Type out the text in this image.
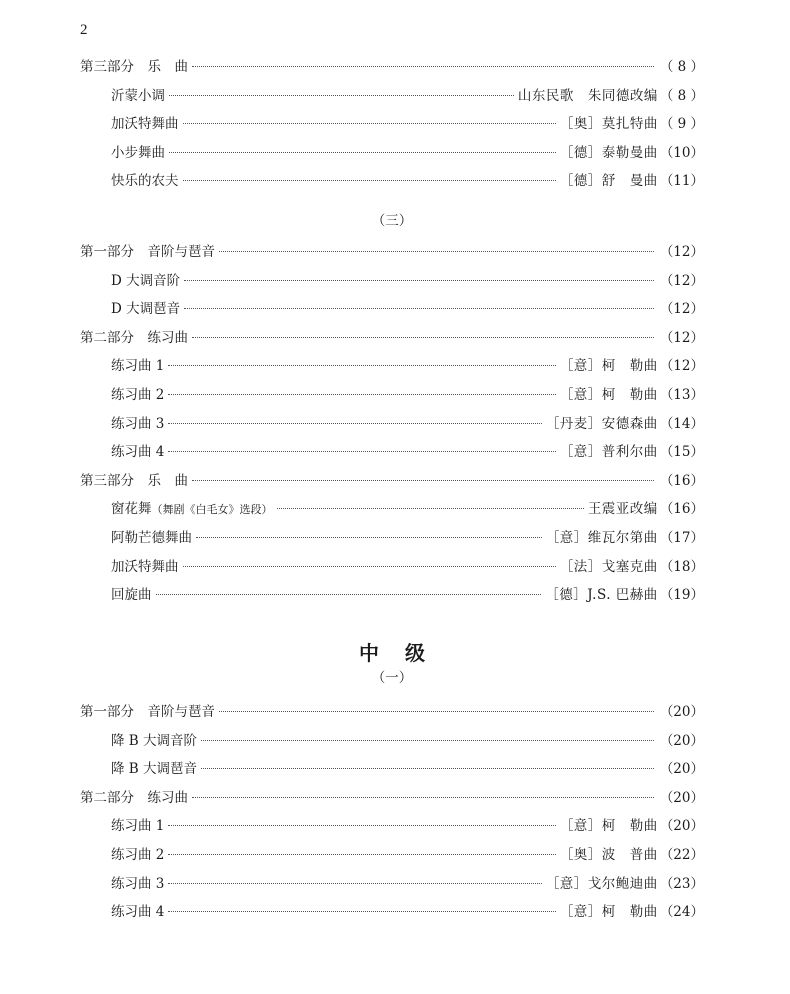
2
（三）
中级
（一）
第三部分　乐　曲	（ 8 ）
沂蒙小调	山东民歌　朱同德改编 （ 8 ）
加沃特舞曲	［奥］莫扎特曲 （ 9 ）
小步舞曲	［德］泰勒曼曲 （10）
快乐的农夫	［德］舒　曼曲 （11）
第一部分　音阶与琶音	（12）
D 大调音阶	（12）
D 大调琶音	（12）
第二部分　练习曲	（12）
练习曲 1	［意］柯　勒曲 （12）
练习曲 2	［意］柯　勒曲 （13）
练习曲 3	［丹麦］安德森曲 （14）
练习曲 4	［意］普利尔曲 （15）
第三部分　乐　曲	（16）
窗花舞（舞剧《白毛女》选段）	王震亚改编 （16）
阿勒芒德舞曲	［意］维瓦尔第曲 （17）
加沃特舞曲	［法］戈塞克曲 （18）
回旋曲	［德］J.S. 巴赫曲 （19）
第一部分　音阶与琶音	（20）
降 B 大调音阶	（20）
降 B 大调琶音	（20）
第二部分　练习曲	（20）
练习曲 1	［意］柯　勒曲 （20）
练习曲 2	［奥］波　普曲 （22）
练习曲 3	［意］戈尔鲍迪曲 （23）
练习曲 4	［意］柯　勒曲 （24）
